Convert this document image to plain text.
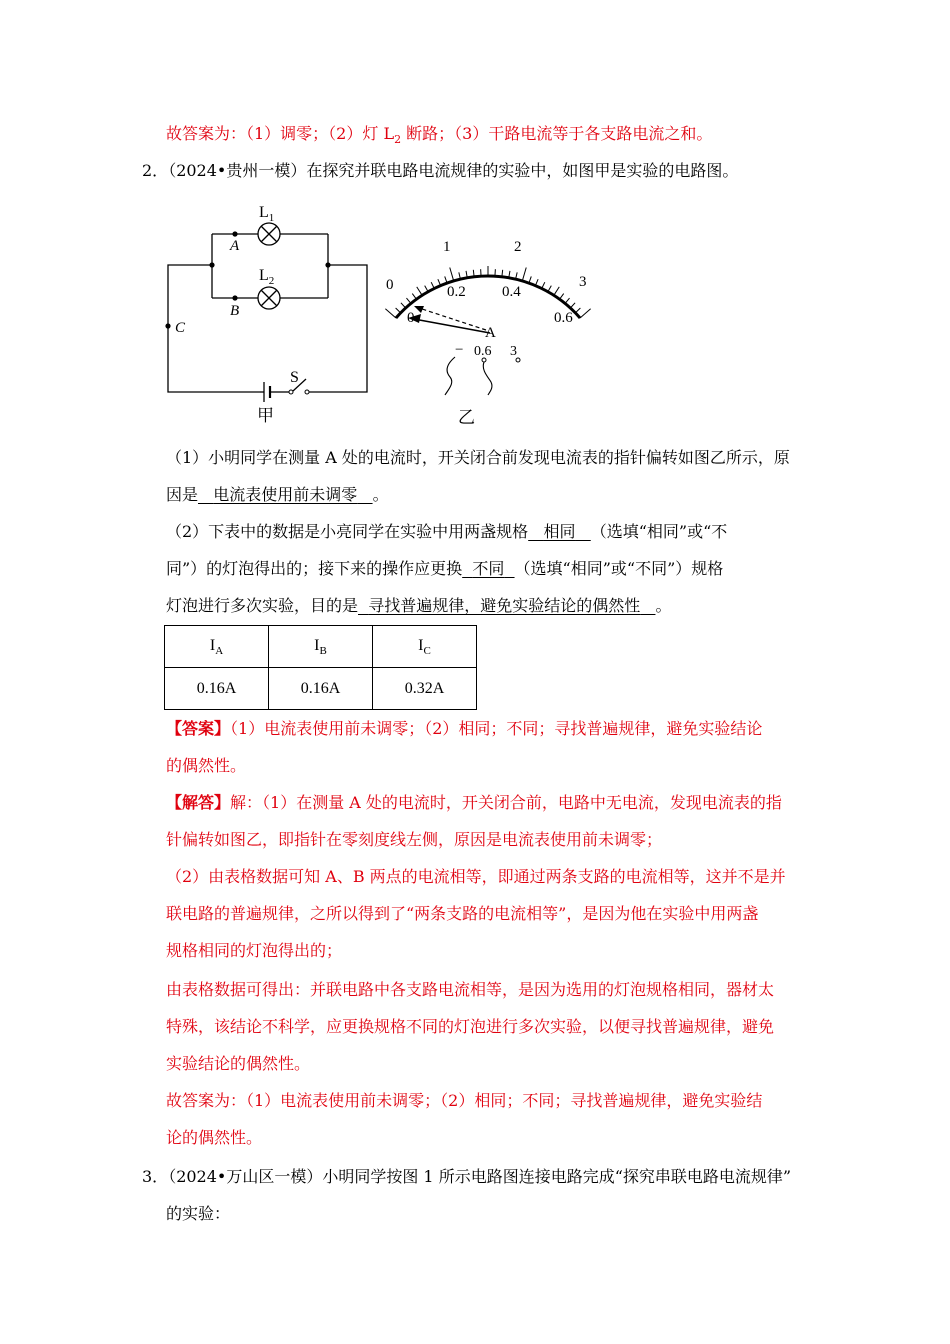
故答案为：（1）调零；（2）灯 $L_2$ 断路；（3）干路电流等于各支路电流之和。
2．（2024•贵州一模）在探究并联电路电流规律的实验中，如图甲是实验的电路图。
$L_1$
$L_2$
A
B
C
S
甲
0
1	2
3
0.2 0.4
0.6
A
− 0.6 3
乙
（1）小明同学在测量 A 处的电流时，开关闭合前发现电流表的指针偏转如图乙所示，原
因是 电流表使用前未调零 。
（2）下表中的数据是小亮同学在实验中用两盏规格 相同 （选填“相同”或“不
同”）的灯泡得出的；接下来的操作应更换 不同 （选填“相同”或“不同”）规格
灯泡进行多次实验，目的是 寻找普遍规律，避免实验结论的偶然性 。
$I_A$	$I_B$	$I_C$
0.16A	0.16A	0.32A
【答案】（1）电流表使用前未调零；（2）相同；不同；寻找普遍规律，避免实验结论
的偶然性。
【解答】解：（1）在测量 A 处的电流时，开关闭合前，电路中无电流，发现电流表的指
针偏转如图乙，即指针在零刻度线左侧，原因是电流表使用前未调零；
（2）由表格数据可知 A、B 两点的电流相等，即通过两条支路的电流相等，这并不是并
联电路的普遍规律，之所以得到了“两条支路的电流相等”，是因为他在实验中用两盏
规格相同的灯泡得出的；
由表格数据可得出：并联电路中各支路电流相等，是因为选用的灯泡规格相同，器材太
特殊，该结论不科学，应更换规格不同的灯泡进行多次实验，以便寻找普遍规律，避免
实验结论的偶然性。
故答案为：（1）电流表使用前未调零；（2）相同；不同；寻找普遍规律，避免实验结
论的偶然性。
3．（2024•万山区一模）小明同学按图 1 所示电路图连接电路完成“探究串联电路电流规律”
的实验：
